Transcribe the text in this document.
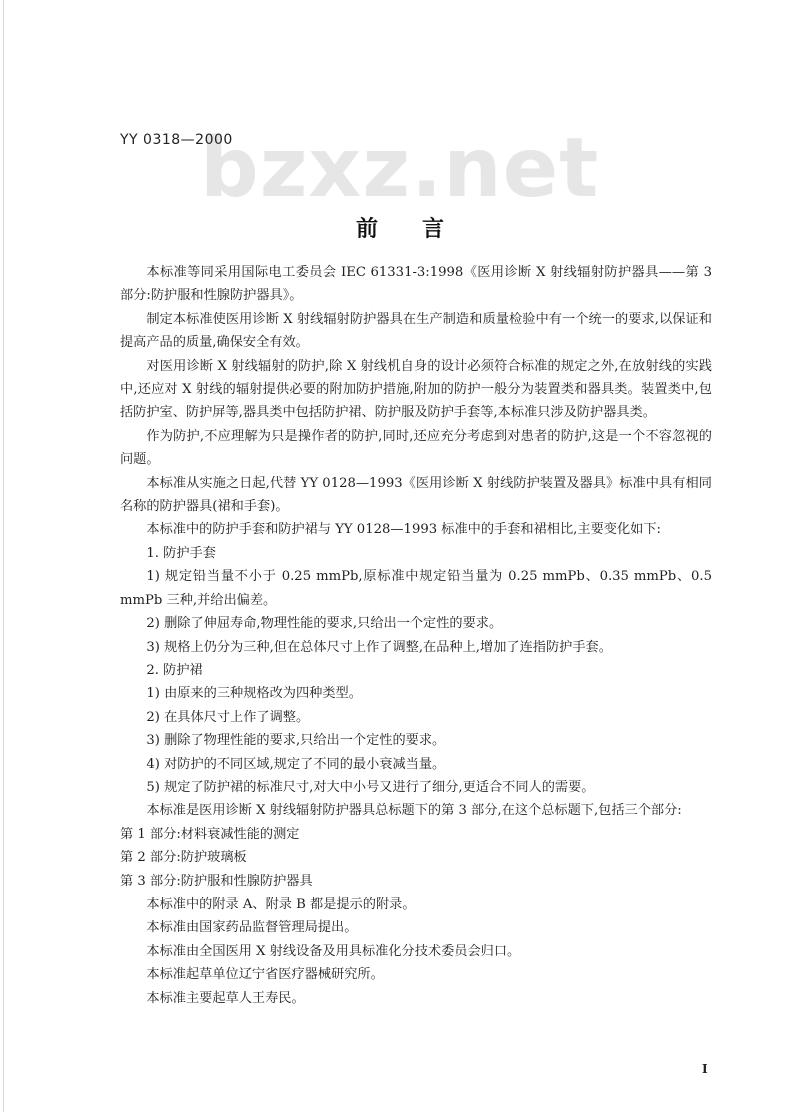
bzxz.net
YY 0318—2000
前言

本标准等同采用国际电工委员会 IEC 61331-3:1998《医用诊断 X 射线辐射防护器具——第 3 部分:防护服和性腺防护器具》。

制定本标准使医用诊断 X 射线辐射防护器具在生产制造和质量检验中有一个统一的要求,以保证和提高产品的质量,确保安全有效。

对医用诊断 X 射线辐射的防护,除 X 射线机自身的设计必须符合标准的规定之外,在放射线的实践中,还应对 X 射线的辐射提供必要的附加防护措施,附加的防护一般分为装置类和器具类。装置类中,包括防护室、防护屏等,器具类中包括防护裙、防护服及防护手套等,本标准只涉及防护器具类。

作为防护,不应理解为只是操作者的防护,同时,还应充分考虑到对患者的防护,这是一个不容忽视的问题。

本标准从实施之日起,代替 YY 0128—1993《医用诊断 X 射线防护装置及器具》标准中具有相同名称的防护器具(裙和手套)。

本标准中的防护手套和防护裙与 YY 0128—1993 标准中的手套和裙相比,主要变化如下:

1. 防护手套

1) 规定铅当量不小于 0.25 mmPb,原标准中规定铅当量为 0.25 mmPb、0.35 mmPb、0.5 mmPb 三种,并给出偏差。

2) 删除了伸屈寿命,物理性能的要求,只给出一个定性的要求。

3) 规格上仍分为三种,但在总体尺寸上作了调整,在品种上,增加了连指防护手套。

2. 防护裙

1) 由原来的三种规格改为四种类型。

2) 在具体尺寸上作了调整。

3) 删除了物理性能的要求,只给出一个定性的要求。

4) 对防护的不同区域,规定了不同的最小衰减当量。

5) 规定了防护裙的标准尺寸,对大中小号又进行了细分,更适合不同人的需要。

本标准是医用诊断 X 射线辐射防护器具总标题下的第 3 部分,在这个总标题下,包括三个部分:

第 1 部分:材料衰减性能的测定

第 2 部分:防护玻璃板

第 3 部分:防护服和性腺防护器具

本标准中的附录 A、附录 B 都是提示的附录。

本标准由国家药品监督管理局提出。

本标准由全国医用 X 射线设备及用具标准化分技术委员会归口。

本标准起草单位辽宁省医疗器械研究所。

本标准主要起草人王寿民。

I
